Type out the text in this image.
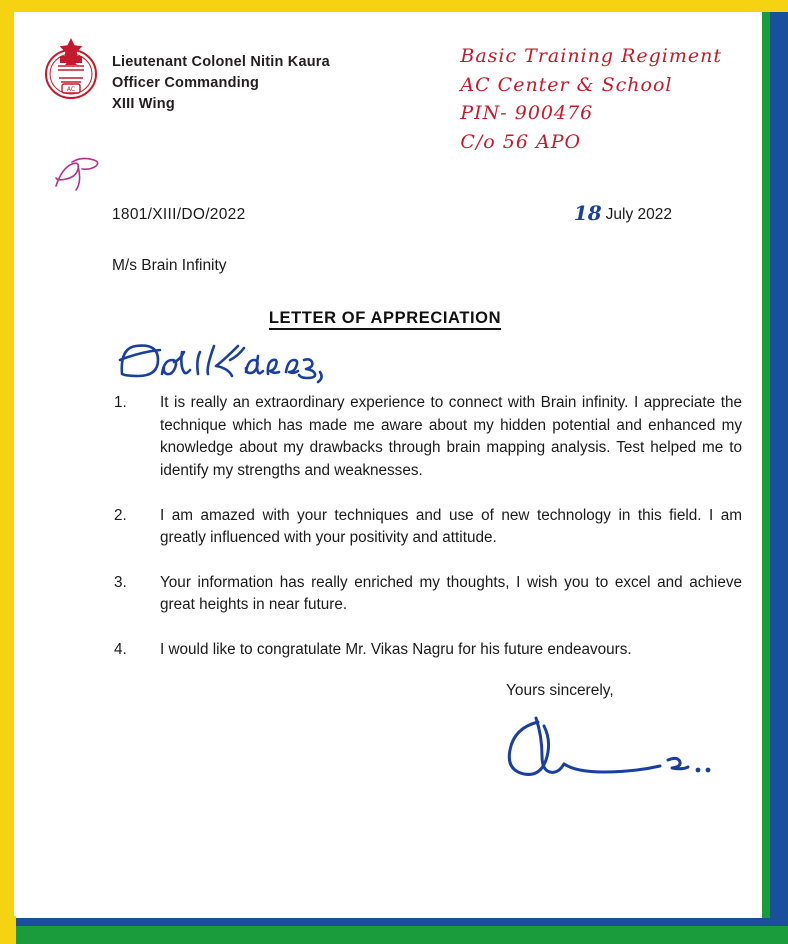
AC
Lieutenant Colonel Nitin Kaura
Officer Commanding
XIII Wing
Basic Training Regiment
AC Center & School
PIN- 900476
C/o 56 APO
1801/XIII/DO/2022	18 July 2022
M/s Brain Infinity
LETTER OF APPRECIATION
1.	It is really an extraordinary experience to connect with Brain infinity. I appreciate the technique which has made me aware about my hidden potential and enhanced my knowledge about my drawbacks through brain mapping analysis. Test helped me to identify my strengths and weaknesses.
2.	I am amazed with your techniques and use of new technology in this field. I am greatly influenced with your positivity and attitude.
3.	Your information has really enriched my thoughts, I wish you to excel and achieve great heights in near future.
4.	I would like to congratulate Mr. Vikas Nagru for his future endeavours.
Yours sincerely,
